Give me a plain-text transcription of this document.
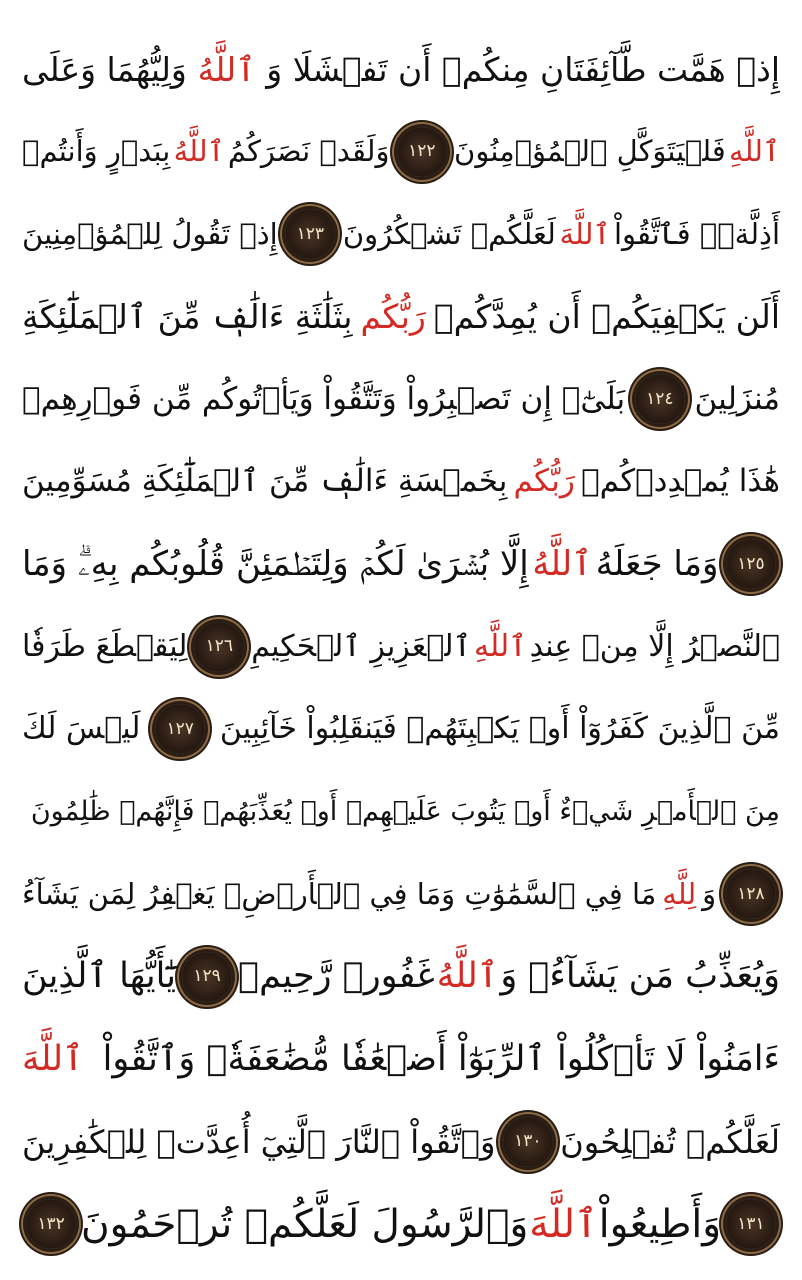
إِذۡ هَمَّت طَّآئِفَتَانِ مِنكُمۡ أَن تَفۡشَلَا وَ
ٱللَّهُ
وَلِيُّهُمَا وَعَلَى
ٱللَّهِ
فَلۡيَتَوَكَّلِ ٱلۡمُؤۡمِنُونَ
١٢٢
وَلَقَدۡ نَصَرَكُمُ
ٱللَّهُ
بِبَدۡرٍ وَأَنتُمۡ
أَذِلَّةٞۖ فَٱتَّقُواْ
ٱللَّهَ
لَعَلَّكُمۡ تَشۡكُرُونَ
١٢٣
إِذۡ تَقُولُ لِلۡمُؤۡمِنِينَ
أَلَن يَكۡفِيَكُمۡ أَن يُمِدَّكُمۡ
رَبُّكُم
بِثَلَٰثَةِ ءَالَٰفٖ مِّنَ ٱلۡمَلَٰٓئِكَةِ
مُنزَلِينَ
١٢٤
بَلَىٰٓۚ إِن تَصۡبِرُواْ وَتَتَّقُواْ وَيَأۡتُوكُم مِّن فَوۡرِهِمۡ
هَٰذَا يُمۡدِدۡكُمۡ
رَبُّكُم
بِخَمۡسَةِ ءَالَٰفٖ مِّنَ ٱلۡمَلَٰٓئِكَةِ مُسَوِّمِينَ
١٢٥
وَمَا جَعَلَهُ
ٱللَّهُ
إِلَّا بُشۡرَىٰ لَكُمۡ وَلِتَطۡمَئِنَّ قُلُوبُكُم بِهِۦۗ وَمَا
ٱلنَّصۡرُ إِلَّا مِنۡ عِندِ
ٱللَّهِ
ٱلۡعَزِيزِ ٱلۡحَكِيمِ
١٢٦
لِيَقۡطَعَ طَرَفٗا
مِّنَ ٱلَّذِينَ كَفَرُوٓاْ أَوۡ يَكۡبِتَهُمۡ فَيَنقَلِبُواْ خَآئِبِينَ
١٢٧
لَيۡسَ لَكَ
مِنَ ٱلۡأَمۡرِ شَيۡءٌ أَوۡ يَتُوبَ عَلَيۡهِمۡ أَوۡ يُعَذِّبَهُمۡ فَإِنَّهُمۡ ظَٰلِمُونَ
١٢٨
وَ
لِلَّهِ
مَا فِي ٱلسَّمَٰوَٰتِ وَمَا فِي ٱلۡأَرۡضِۚ يَغۡفِرُ لِمَن يَشَآءُ
وَيُعَذِّبُ مَن يَشَآءُۚ وَ
ٱللَّهُ
غَفُورٞ رَّحِيمٞ
١٢٩
يَٰٓأَيُّهَا ٱلَّذِينَ
ءَامَنُواْ لَا تَأۡكُلُواْ ٱلرِّبَوٰٓاْ أَضۡعَٰفٗا مُّضَٰعَفَةٗۖ وَٱتَّقُواْ
ٱللَّهَ
لَعَلَّكُمۡ تُفۡلِحُونَ
١٣٠
وَٱتَّقُواْ ٱلنَّارَ ٱلَّتِيٓ أُعِدَّتۡ لِلۡكَٰفِرِينَ
١٣١
وَأَطِيعُواْ
ٱللَّهَ
وَٱلرَّسُولَ لَعَلَّكُمۡ تُرۡحَمُونَ
١٣٢
